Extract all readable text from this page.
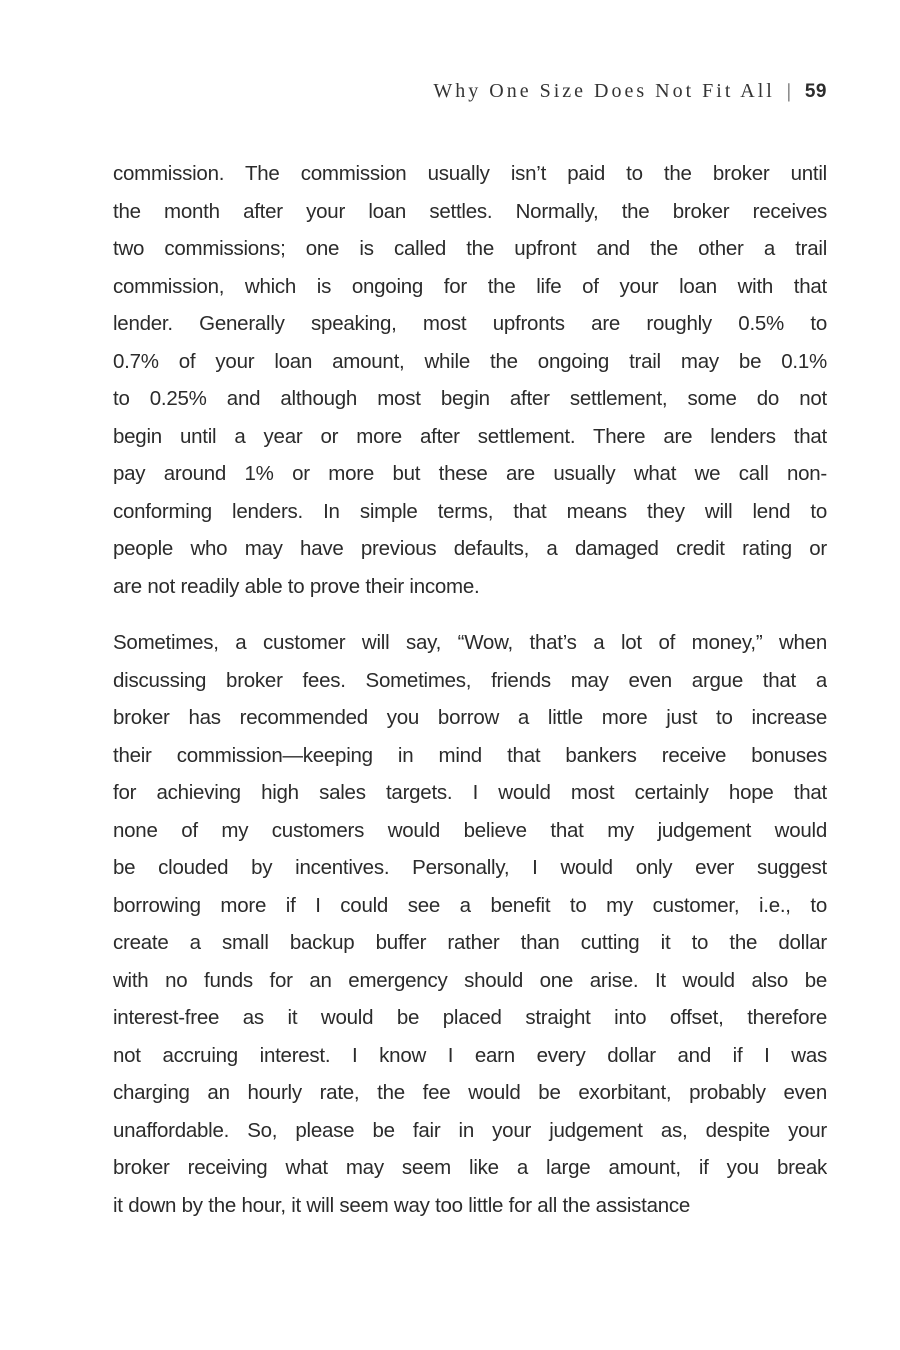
Why One Size Does Not Fit All | 59
commission. The commission usually isn’t paid to the broker until
the month after your loan settles. Normally, the broker receives
two commissions; one is called the upfront and the other a trail
commission, which is ongoing for the life of your loan with that
lender. Generally speaking, most upfronts are roughly 0.5% to
0.7% of your loan amount, while the ongoing trail may be 0.1%
to 0.25% and although most begin after settlement, some do not
begin until a year or more after settlement. There are lenders that
pay around 1% or more but these are usually what we call non-
conforming lenders. In simple terms, that means they will lend to
people who may have previous defaults, a damaged credit rating or
are not readily able to prove their income.
Sometimes, a customer will say, “Wow, that’s a lot of money,” when
discussing broker fees. Sometimes, friends may even argue that a
broker has recommended you borrow a little more just to increase
their commission—keeping in mind that bankers receive bonuses
for achieving high sales targets. I would most certainly hope that
none of my customers would believe that my judgement would
be clouded by incentives. Personally, I would only ever suggest
borrowing more if I could see a benefit to my customer, i.e., to
create a small backup buffer rather than cutting it to the dollar
with no funds for an emergency should one arise. It would also be
interest-free as it would be placed straight into offset, therefore
not accruing interest. I know I earn every dollar and if I was
charging an hourly rate, the fee would be exorbitant, probably even
unaffordable. So, please be fair in your judgement as, despite your
broker receiving what may seem like a large amount, if you break
it down by the hour, it will seem way too little for all the assistance
